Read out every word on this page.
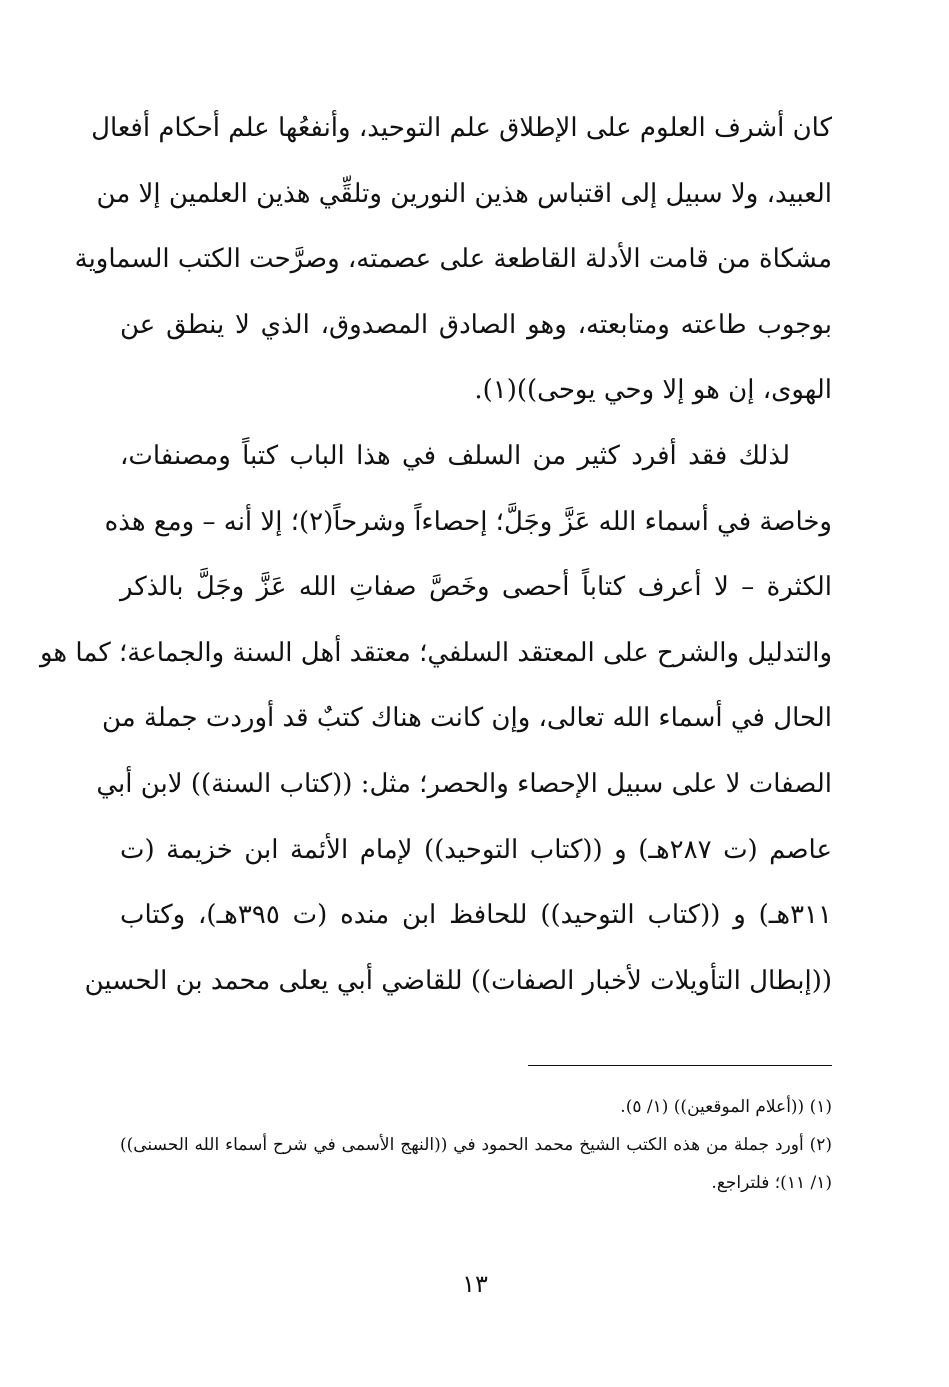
كان أشرف العلوم على الإطلاق علم التوحيد، وأنفعُها علم أحكام أفعال
العبيد، ولا سبيل إلى اقتباس هذين النورين وتلقِّي هذين العلمين إلا من
مشكاة من قامت الأدلة القاطعة على عصمته، وصرَّحت الكتب السماوية
بوجوب طاعته ومتابعته، وهو الصادق المصدوق، الذي لا ينطق عن
الهوى، إن هو إلا وحي يوحى))(١).
لذلك فقد أفرد كثير من السلف في هذا الباب كتباً ومصنفات،
وخاصة في أسماء الله عَزَّ وجَلَّ؛ إحصاءاً وشرحاً(٢)؛ إلا أنه – ومع هذه
الكثرة – لا أعرف كتاباً أحصى وخَصَّ صفاتِ الله عَزَّ وجَلَّ بالذكر
والتدليل والشرح على المعتقد السلفي؛ معتقد أهل السنة والجماعة؛ كما هو
الحال في أسماء الله تعالى، وإن كانت هناك كتبٌ قد أوردت جملة من
الصفات لا على سبيل الإحصاء والحصر؛ مثل: ((كتاب السنة)) لابن أبي
عاصم (ت ٢٨٧هـ) و ((كتاب التوحيد)) لإمام الأئمة ابن خزيمة (ت
٣١١هـ) و ((كتاب التوحيد)) للحافظ ابن منده (ت ٣٩٥هـ)، وكتاب
((إبطال التأويلات لأخبار الصفات)) للقاضي أبي يعلى محمد بن الحسين
(١) ((أعلام الموقعين)) (١/ ٥).
(٢) أورد جملة من هذه الكتب الشيخ محمد الحمود في ((النهج الأسمى في شرح أسماء الله الحسنى))
(١/ ١١)؛ فلتراجع.
١٣
